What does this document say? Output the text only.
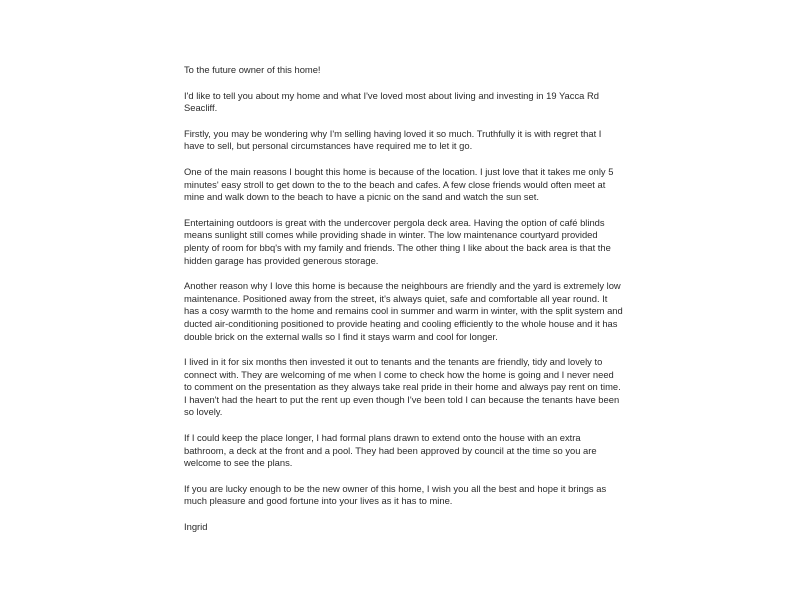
To the future owner of this home!

I'd like to tell you about my home and what I've loved most about living and investing in 19 Yacca Rd Seacliff.

Firstly, you may be wondering why I'm selling having loved it so much. Truthfully it is with regret that I have to sell, but personal circumstances have required me to let it go.

One of the main reasons I bought this home is because of the location. I just love that it takes me only 5 minutes' easy stroll to get down to the to the beach and cafes. A few close friends would often meet at mine and walk down to the beach to have a picnic on the sand and watch the sun set.

Entertaining outdoors is great with the undercover pergola deck area. Having the option of café blinds means sunlight still comes while providing shade in winter. The low maintenance courtyard provided plenty of room for bbq's with my family and friends. The other thing I like about the back area is that the hidden garage has provided generous storage.

Another reason why I love this home is because the neighbours are friendly and the yard is extremely low maintenance. Positioned away from the street, it's always quiet, safe and comfortable all year round. It has a cosy warmth to the home and remains cool in summer and warm in winter, with the split system and ducted air-conditioning positioned to provide heating and cooling efficiently to the whole house and it has double brick on the external walls so I find it stays warm and cool for longer.

I lived in it for six months then invested it out to tenants and the tenants are friendly, tidy and lovely to connect with. They are welcoming of me when I come to check how the home is going and I never need to comment on the presentation as they always take real pride in their home and always pay rent on time. I haven't had the heart to put the rent up even though I've been told I can because the tenants have been so lovely.

If I could keep the place longer, I had formal plans drawn to extend onto the house with an extra bathroom, a deck at the front and a pool. They had been approved by council at the time so you are welcome to see the plans.

If you are lucky enough to be the new owner of this home, I wish you all the best and hope it brings as much pleasure and good fortune into your lives as it has to mine.

Ingrid
